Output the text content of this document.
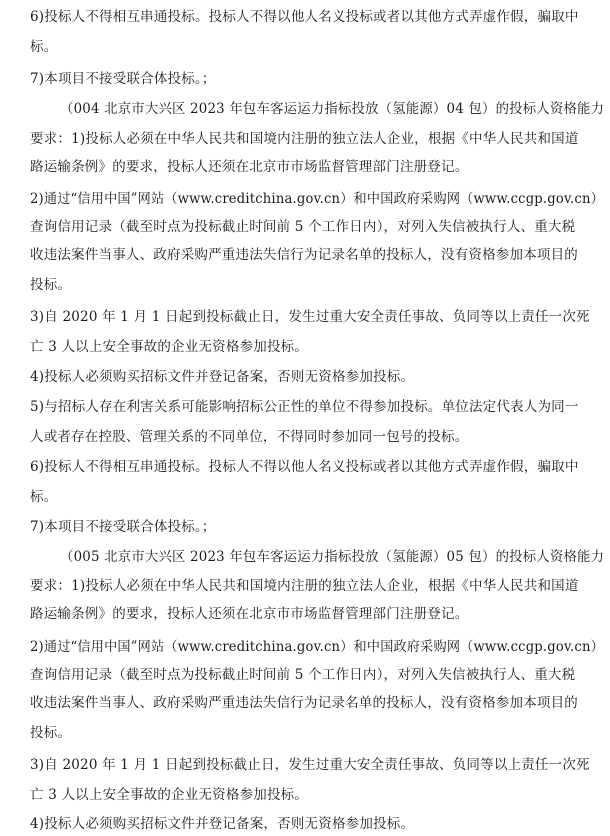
6)投标人不得相互串通投标。投标人不得以他人名义投标或者以其他方式弄虚作假，骗取中
标。
7)本项目不接受联合体投标。；
（004 北京市大兴区 2023 年包车客运运力指标投放（氢能源）04 包）的投标人资格能力
要求：1)投标人必须在中华人民共和国境内注册的独立法人企业，根据《中华人民共和国道
路运输条例》的要求，投标人还须在北京市市场监督管理部门注册登记。
2)通过“信用中国”网站（www.creditchina.gov.cn）和中国政府采购网（www.ccgp.gov.cn）
查询信用记录（截至时点为投标截止时间前 5 个工作日内），对列入失信被执行人、重大税
收违法案件当事人、政府采购严重违法失信行为记录名单的投标人，没有资格参加本项目的
投标。
3)自 2020 年 1 月 1 日起到投标截止日，发生过重大安全责任事故、负同等以上责任一次死
亡 3 人以上安全事故的企业无资格参加投标。
4)投标人必须购买招标文件并登记备案，否则无资格参加投标。
5)与招标人存在利害关系可能影响招标公正性的单位不得参加投标。单位法定代表人为同一
人或者存在控股、管理关系的不同单位，不得同时参加同一包号的投标。
6)投标人不得相互串通投标。投标人不得以他人名义投标或者以其他方式弄虚作假，骗取中
标。
7)本项目不接受联合体投标。；
（005 北京市大兴区 2023 年包车客运运力指标投放（氢能源）05 包）的投标人资格能力
要求：1)投标人必须在中华人民共和国境内注册的独立法人企业，根据《中华人民共和国道
路运输条例》的要求，投标人还须在北京市市场监督管理部门注册登记。
2)通过“信用中国”网站（www.creditchina.gov.cn）和中国政府采购网（www.ccgp.gov.cn）
查询信用记录（截至时点为投标截止时间前 5 个工作日内），对列入失信被执行人、重大税
收违法案件当事人、政府采购严重违法失信行为记录名单的投标人，没有资格参加本项目的
投标。
3)自 2020 年 1 月 1 日起到投标截止日，发生过重大安全责任事故、负同等以上责任一次死
亡 3 人以上安全事故的企业无资格参加投标。
4)投标人必须购买招标文件并登记备案，否则无资格参加投标。
